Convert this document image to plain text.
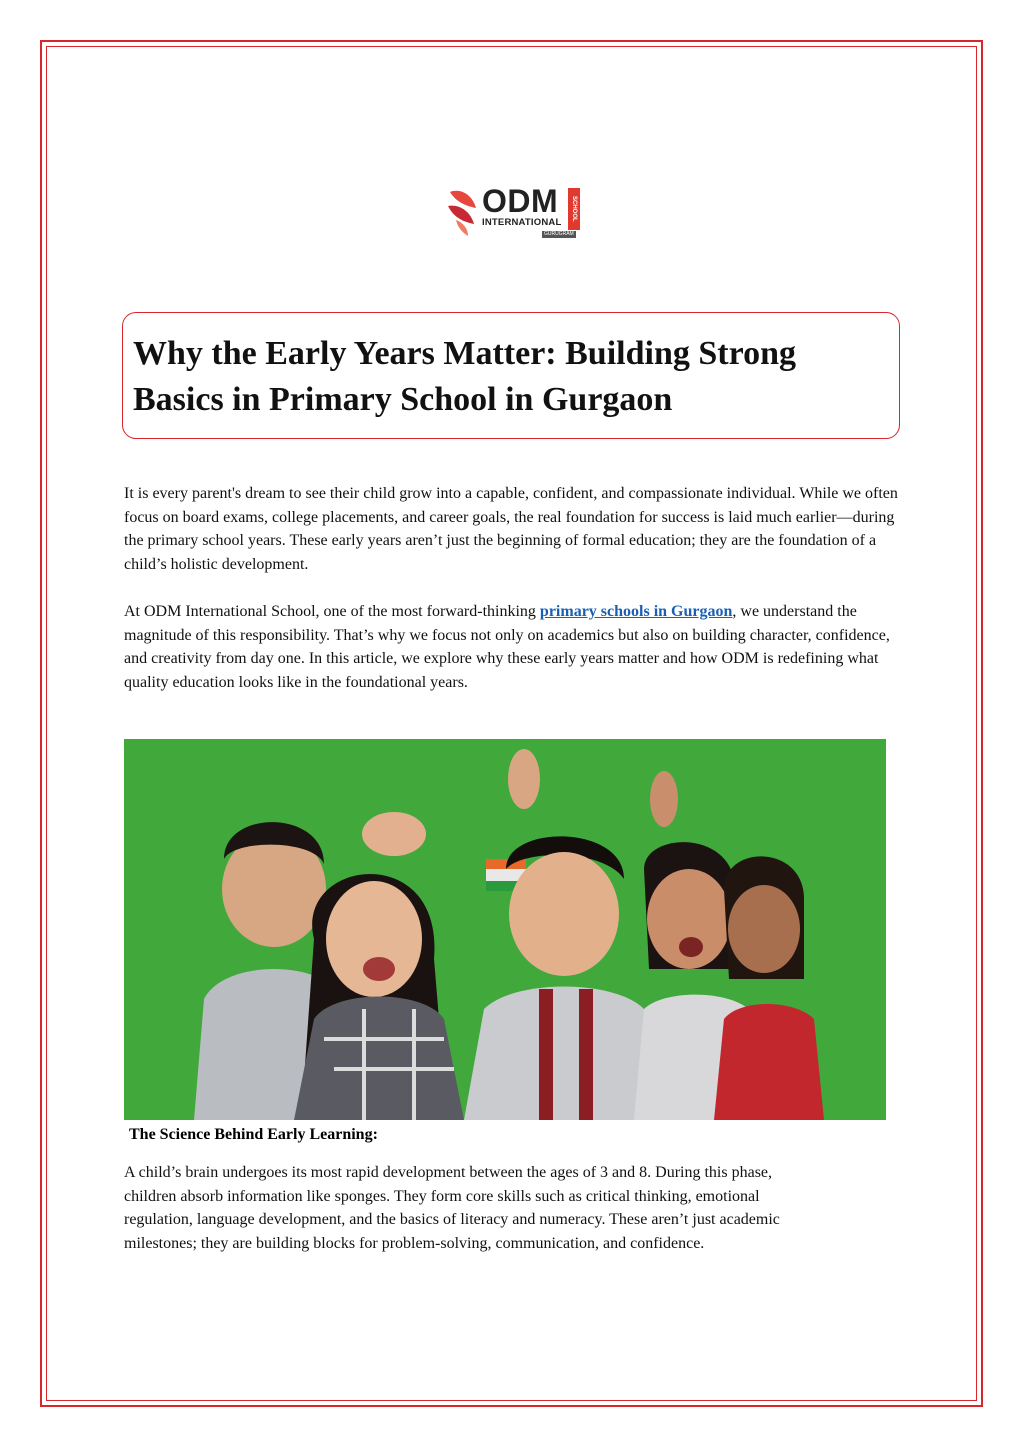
ODM
INTERNATIONAL
SCHOOL
GURUGRAM
Why the Early Years Matter: Building Strong Basics in Primary School in Gurgaon

It is every parent's dream to see their child grow into a capable, confident, and compassionate individual. While we often focus on board exams, college placements, and career goals, the real foundation for success is laid much earlier—during the primary school years. These early years aren’t just the beginning of formal education; they are the foundation of a child’s holistic development.

At ODM International School, one of the most forward-thinking primary schools in Gurgaon, we understand the magnitude of this responsibility. That’s why we focus not only on academics but also on building character, confidence, and creativity from day one. In this article, we explore why these early years matter and how ODM is redefining what quality education looks like in the foundational years.

The Science Behind Early Learning:

A child’s brain undergoes its most rapid development between the ages of 3 and 8. During this phase, children absorb information like sponges. They form core skills such as critical thinking, emotional regulation, language development, and the basics of literacy and numeracy. These aren’t just academic milestones; they are building blocks for problem-solving, communication, and confidence.
